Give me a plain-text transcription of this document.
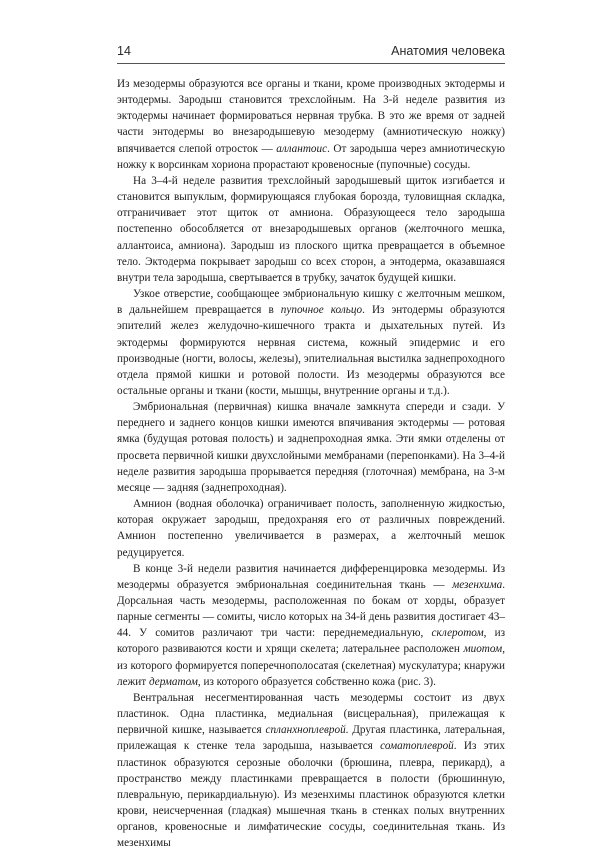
14	Анатомия человека

Из мезодермы образуются все органы и ткани, кроме производных эктодермы и энтодермы. Зародыш становится трехслойным. На 3-й неделе развития из эктодермы начинает формироваться нервная трубка. В это же время от задней части энтодермы во внезародышевую мезодерму (амниотическую ножку) впячивается слепой отросток — аллантоис. От зародыша через амниотическую ножку к ворсинкам хориона прорастают кровеносные (пупочные) сосуды.

На 3–4-й неделе развития трехслойный зародышевый щиток изгибается и становится выпуклым, формирующаяся глубокая борозда, туловищная складка, отграничивает этот щиток от амниона. Образующееся тело зародыша постепенно обособляется от внезародышевых органов (желточного мешка, аллантоиса, амниона). Зародыш из плоского щитка превращается в объемное тело. Эктодерма покрывает зародыш со всех сторон, а энтодерма, оказавшаяся внутри тела зародыша, свертывается в трубку, зачаток будущей кишки.

Узкое отверстие, сообщающее эмбриональную кишку с желточным мешком, в дальнейшем превращается в пупочное кольцо. Из энтодермы образуются эпителий желез желудочно-кишечного тракта и дыхательных путей. Из эктодермы формируются нервная система, кожный эпидермис и его производные (ногти, волосы, железы), эпителиальная выстилка заднепроходного отдела прямой кишки и ротовой полости. Из мезодермы образуются все остальные органы и ткани (кости, мышцы, внутренние органы и т.д.).

Эмбриональная (первичная) кишка вначале замкнута спереди и сзади. У переднего и заднего концов кишки имеются впячивания эктодермы — ротовая ямка (будущая ротовая полость) и заднепроходная ямка. Эти ямки отделены от просвета первичной кишки двухслойными мембранами (перепонками). На 3–4-й неделе развития зародыша прорывается передняя (глоточная) мембрана, на 3-м месяце — задняя (заднепроходная).

Амнион (водная оболочка) ограничивает полость, заполненную жидкостью, которая окружает зародыш, предохраняя его от различных повреждений. Амнион постепенно увеличивается в размерах, а желточный мешок редуцируется.

В конце 3-й недели развития начинается дифференцировка мезодермы. Из мезодермы образуется эмбриональная соединительная ткань — мезенхима. Дорсальная часть мезодермы, расположенная по бокам от хорды, образует парные сегменты — сомиты, число которых на 34-й день развития достигает 43–44. У сомитов различают три части: переднемедиальную, склеротом, из которого развиваются кости и хрящи скелета; латеральнее расположен миотом, из которого формируется поперечнополосатая (скелетная) мускулатура; кнаружи лежит дерматом, из которого образуется собственно кожа (рис. 3).

Вентральная несегментированная часть мезодермы состоит из двух пластинок. Одна пластинка, медиальная (висцеральная), прилежащая к первичной кишке, называется спланхноплеврой. Другая пластинка, латеральная, прилежащая к стенке тела зародыша, называется соматоплеврой. Из этих пластинок образуются серозные оболочки (брюшина, плевра, перикард), а пространство между пластинками превращается в полости (брюшинную, плевральную, перикардиальную). Из мезенхимы пластинок образуются клетки крови, неисчерченная (гладкая) мышечная ткань в стенках полых внутренних органов, кровеносные и лимфатические сосуды, соединительная ткань. Из мезенхимы
